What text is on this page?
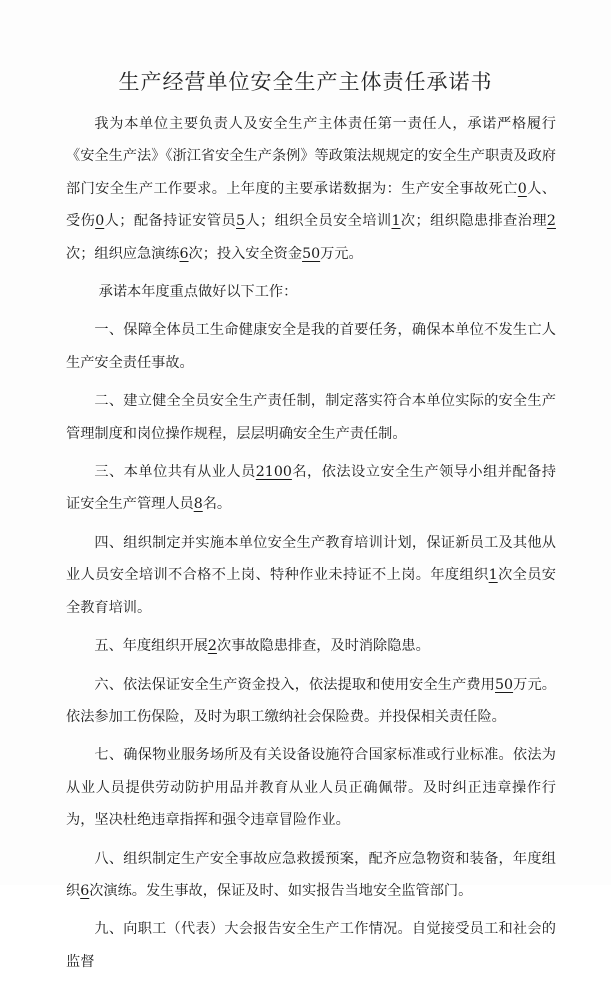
生产经营单位安全生产主体责任承诺书

我为本单位主要负责人及安全生产主体责任第一责任人，承诺严格履行《安全生产法》《浙江省安全生产条例》等政策法规规定的安全生产职责及政府部门安全生产工作要求。上年度的主要承诺数据为：生产安全事故死亡0人、受伤0人；配备持证安管员5人；组织全员安全培训1次；组织隐患排查治理2次；组织应急演练6次；投入安全资金50万元。

承诺本年度重点做好以下工作：

一、保障全体员工生命健康安全是我的首要任务，确保本单位不发生亡人生产安全责任事故。

二、建立健全全员安全生产责任制，制定落实符合本单位实际的安全生产管理制度和岗位操作规程，层层明确安全生产责任制。

三、本单位共有从业人员2100名，依法设立安全生产领导小组并配备持证安全生产管理人员8名。

四、组织制定并实施本单位安全生产教育培训计划，保证新员工及其他从业人员安全培训不合格不上岗、特种作业未持证不上岗。年度组织1次全员安全教育培训。

五、年度组织开展2次事故隐患排查，及时消除隐患。

六、依法保证安全生产资金投入，依法提取和使用安全生产费用50万元。依法参加工伤保险，及时为职工缴纳社会保险费。并投保相关责任险。

七、确保物业服务场所及有关设备设施符合国家标准或行业标准。依法为从业人员提供劳动防护用品并教育从业人员正确佩带。及时纠正违章操作行为，坚决杜绝违章指挥和强令违章冒险作业。

八、组织制定生产安全事故应急救援预案，配齐应急物资和装备，年度组织6次演练。发生事故，保证及时、如实报告当地安全监管部门。

九、向职工（代表）大会报告安全生产工作情况。自觉接受员工和社会的监督
